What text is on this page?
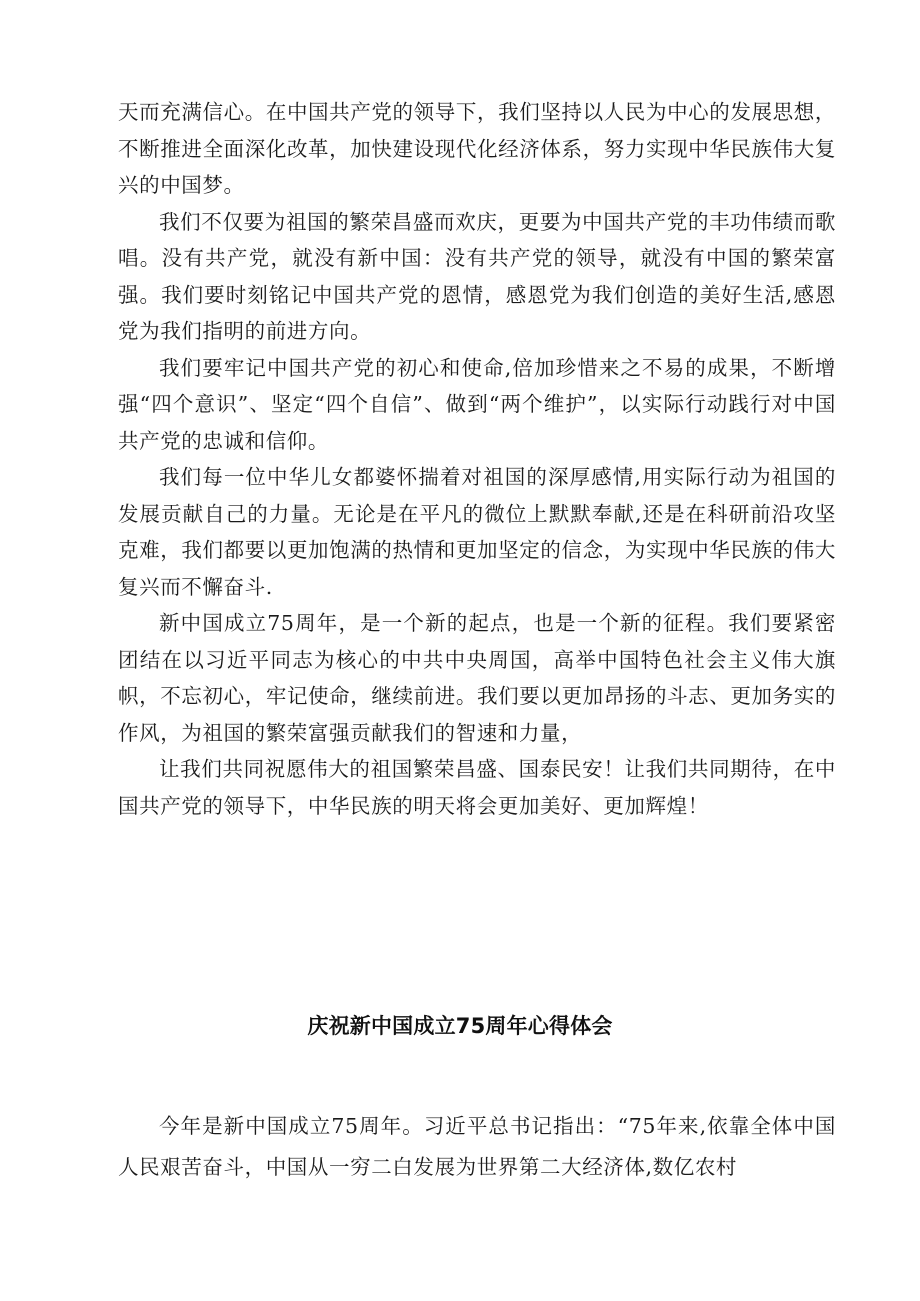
天而充满信心。在中国共产党的领导下，我们坚持以人民为中心的发展思想，不断推进全面深化改革，加快建设现代化经济体系，努力实现中华民族伟大复兴的中国梦。

我们不仅要为祖国的繁荣昌盛而欢庆，更要为中国共产党的丰功伟绩而歌唱。没有共产党，就没有新中国：没有共产党的领导，就没有中国的繁荣富强。我们要时刻铭记中国共产党的恩情，感恩党为我们创造的美好生活,感恩党为我们指明的前进方向。

我们要牢记中国共产党的初心和使命,倍加珍惜来之不易的成果，不断增强“四个意识”、坚定“四个自信”、做到“两个维护”，以实际行动践行对中国共产党的忠诚和信仰。

我们每一位中华儿女都婆怀揣着对祖国的深厚感情,用实际行动为祖国的发展贡献自己的力量。无论是在平凡的微位上默默奉献,还是在科研前沿攻坚克难，我们都要以更加饱满的热情和更加坚定的信念，为实现中华民族的伟大复兴而不懈奋斗.

新中国成立75周年，是一个新的起点，也是一个新的征程。我们要紧密团结在以习近平同志为核心的中共中央周国，高举中国特色社会主义伟大旗帜，不忘初心，牢记使命，继续前进。我们要以更加昂扬的斗志、更加务实的作风，为祖国的繁荣富强贡献我们的智速和力量，

让我们共同祝愿伟大的祖国繁荣昌盛、国泰民安！让我们共同期待，在中国共产党的领导下，中华民族的明天将会更加美好、更加辉煌！

庆祝新中国成立75周年心得体会

今年是新中国成立75周年。习近平总书记指出：“75年来,依靠全体中国人民艰苦奋斗，中国从一穷二白发展为世界第二大经济体,数亿农村
